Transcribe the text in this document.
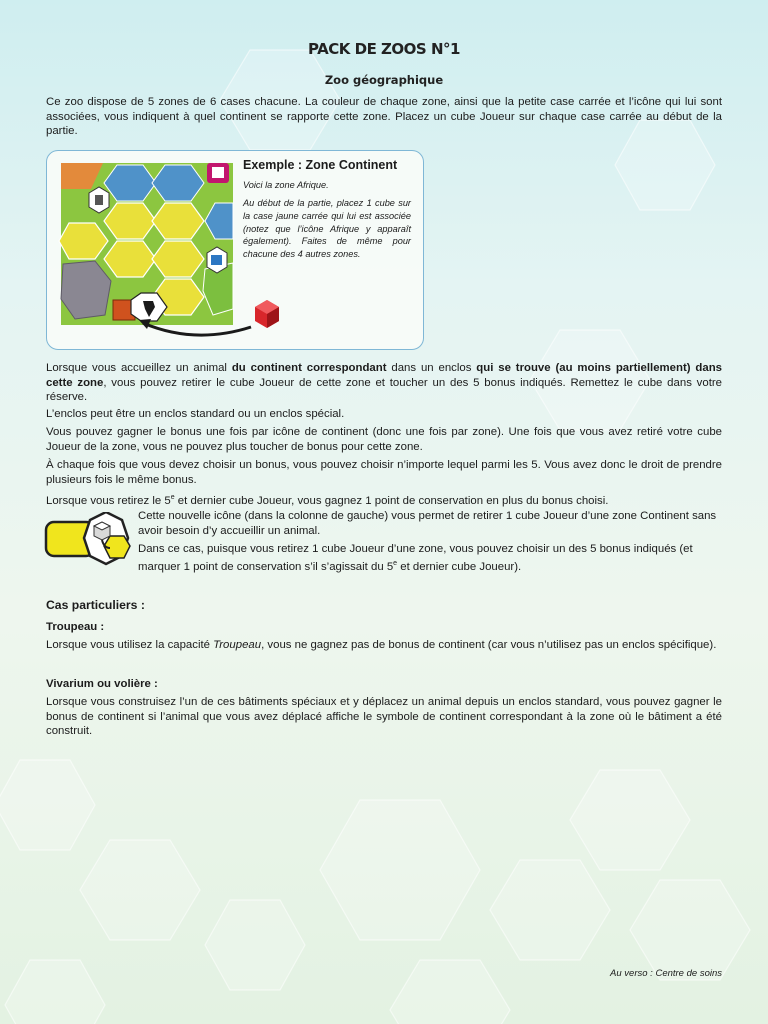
PACK DE ZOOS N°1

Zoo géographique

Ce zoo dispose de 5 zones de 6 cases chacune. La couleur de chaque zone, ainsi que la petite case carrée et l’icône qui lui sont associées, vous indiquent à quel continent se rapporte cette zone. Placez un cube Joueur sur chaque case carrée au début de la partie.

Exemple : Zone Continent

Voici la zone Afrique.

Au début de la partie, placez 1 cube sur la case jaune carrée qui lui est associée (notez que l’icône Afrique y apparaît également). Faites de même pour chacune des 4 autres zones.

Lorsque vous accueillez un animal du continent correspondant dans un enclos qui se trouve (au moins partiellement) dans cette zone, vous pouvez retirer le cube Joueur de cette zone et toucher un des 5 bonus indiqués. Remettez le cube dans votre réserve.

L’enclos peut être un enclos standard ou un enclos spécial.

Vous pouvez gagner le bonus une fois par icône de continent (donc une fois par zone). Une fois que vous avez retiré votre cube Joueur de la zone, vous ne pouvez plus toucher de bonus pour cette zone.

À chaque fois que vous devez choisir un bonus, vous pouvez choisir n’importe lequel parmi les 5. Vous avez donc le droit de prendre plusieurs fois le même bonus.

Lorsque vous retirez le 5e et dernier cube Joueur, vous gagnez 1 point de conservation en plus du bonus choisi.

Cette nouvelle icône (dans la colonne de gauche) vous permet de retirer 1 cube Joueur d’une zone Continent sans avoir besoin d’y accueillir un animal.

Dans ce cas, puisque vous retirez 1 cube Joueur d’une zone, vous pouvez choisir un des 5 bonus indiqués (et marquer 1 point de conservation s’il s’agissait du 5e et dernier cube Joueur).

Cas particuliers :

Troupeau :

Lorsque vous utilisez la capacité Troupeau, vous ne gagnez pas de bonus de continent (car vous n’utilisez pas un enclos spécifique).

Vivarium ou volière :

Lorsque vous construisez l’un de ces bâtiments spéciaux et y déplacez un animal depuis un enclos standard, vous pouvez gagner le bonus de continent si l’animal que vous avez déplacé affiche le symbole de continent correspondant à la zone où le bâtiment a été construit.

Au verso : Centre de soins
